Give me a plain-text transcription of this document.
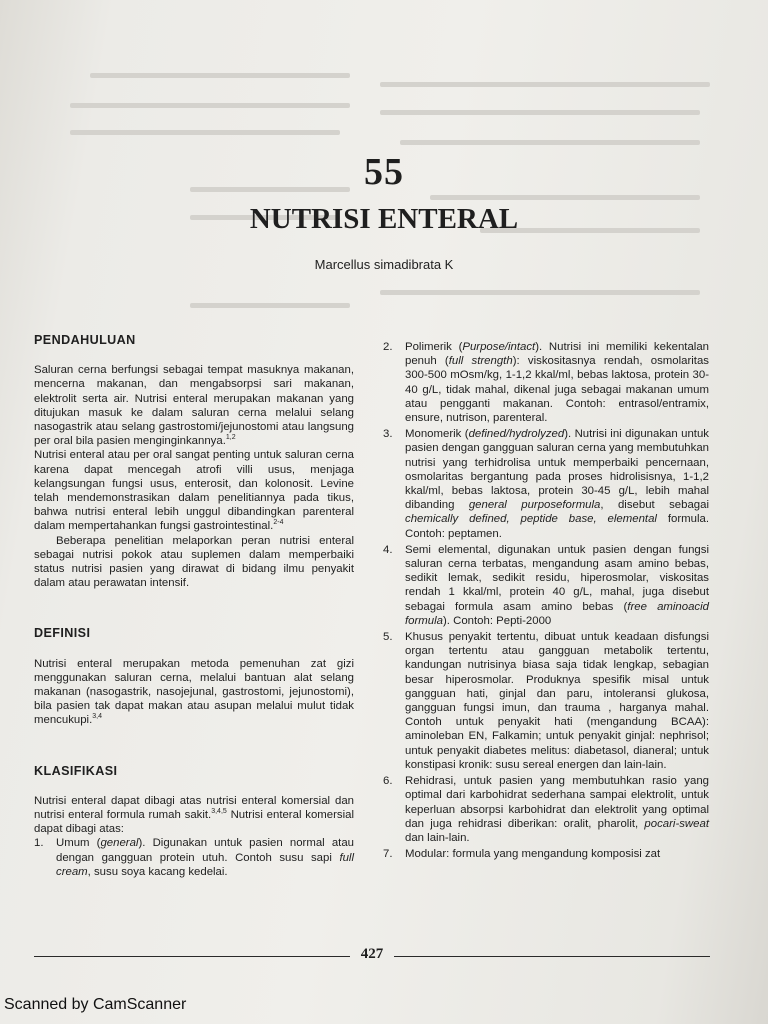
55
NUTRISI ENTERAL
Marcellus simadibrata K
PENDAHULUAN

Saluran cerna berfungsi sebagai tempat masuknya makanan, mencerna makanan, dan mengabsorpsi sari makanan, elektrolit serta air. Nutrisi enteral merupakan makanan yang ditujukan masuk ke dalam saluran cerna melalui selang nasogastrik atau selang gastrostomi/jejunostomi atau langsung per oral bila pasien menginginkannya.$^{1,2}$

Nutrisi enteral atau per oral sangat penting untuk saluran cerna karena dapat mencegah atrofi villi usus, menjaga kelangsungan fungsi usus, enterosit, dan kolonosit. Levine telah mendemonstrasikan dalam penelitiannya pada tikus, bahwa nutrisi enteral lebih unggul dibandingkan parenteral dalam mempertahankan fungsi gastrointestinal.$^{2-4}$

Beberapa penelitian melaporkan peran nutrisi enteral sebagai nutrisi pokok atau suplemen dalam memperbaiki status nutrisi pasien yang dirawat di bidang ilmu penyakit dalam atau perawatan intensif.

DEFINISI

Nutrisi enteral merupakan metoda pemenuhan zat gizi menggunakan saluran cerna, melalui bantuan alat selang makanan (nasogastrik, nasojejunal, gastrostomi, jejunostomi), bila pasien tak dapat makan atau asupan melalui mulut tidak mencukupi.$^{3,4}$

KLASIFIKASI

Nutrisi enteral dapat dibagi atas nutrisi enteral komersial dan nutrisi enteral formula rumah sakit.$^{3,4,5}$ Nutrisi enteral komersial dapat dibagi atas:

1. Umum (general). Digunakan untuk pasien normal atau dengan gangguan protein utuh. Contoh susu sapi full cream, susu soya kacang kedelai.
2. Polimerik (Purpose/intact). Nutrisi ini memiliki kekentalan penuh (full strength): viskositasnya rendah, osmolaritas 300-500 mOsm/kg, 1-1,2 kkal/ml, bebas laktosa, protein 30-40 g/L, tidak mahal, dikenal juga sebagai makanan umum atau pengganti makanan. Contoh: entrasol/entramix, ensure, nutrison, parenteral.
3. Monomerik (defined/hydrolyzed). Nutrisi ini digunakan untuk pasien dengan gangguan saluran cerna yang membutuhkan nutrisi yang terhidrolisa untuk memperbaiki pencernaan, osmolaritas bergantung pada proses hidrolisisnya, 1-1,2 kkal/ml, bebas laktosa, protein 30-45 g/L, lebih mahal dibanding general purposeformula, disebut sebagai chemically defined, peptide base, elemental formula. Contoh: peptamen.
4. Semi elemental, digunakan untuk pasien dengan fungsi saluran cerna terbatas, mengandung asam amino bebas, sedikit lemak, sedikit residu, hiperosmolar, viskositas rendah 1 kkal/ml, protein 40 g/L, mahal, juga disebut sebagai formula asam amino bebas (free aminoacid formula). Contoh: Pepti-2000
5. Khusus penyakit tertentu, dibuat untuk keadaan disfungsi organ tertentu atau gangguan metabolik tertentu, kandungan nutrisinya biasa saja tidak lengkap, sebagian besar hiperosmolar. Produknya spesifik misal untuk gangguan hati, ginjal dan paru, intoleransi glukosa, gangguan fungsi imun, dan trauma , harganya mahal. Contoh untuk penyakit hati (mengandung BCAA): aminoleban EN, Falkamin; untuk penyakit ginjal: nephrisol; untuk penyakit diabetes melitus: diabetasol, dianeral; untuk konstipasi kronik: susu sereal energen dan lain-lain.
6. Rehidrasi, untuk pasien yang membutuhkan rasio yang optimal dari karbohidrat sederhana sampai elektrolit, untuk keperluan absorpsi karbohidrat dan elektrolit yang optimal dan juga rehidrasi diberikan: oralit, pharolit, pocari-sweat dan lain-lain.
7. Modular: formula yang mengandung komposisi zat
427
Scanned by CamScanner
